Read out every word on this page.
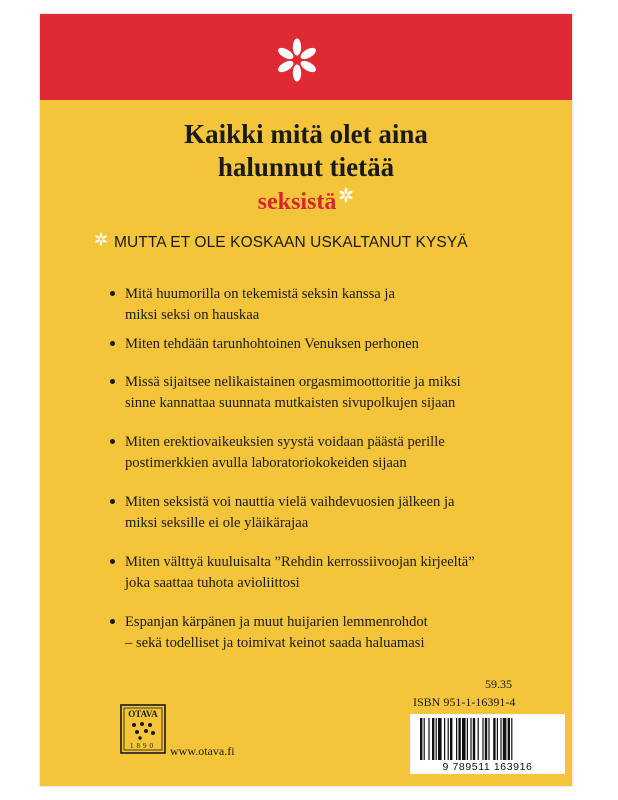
Kaikki mitä olet aina
halunnut tietää
seksistä
MUTTA ET OLE KOSKAAN USKALTANUT KYSYÄ
Mitä huumorilla on tekemistä seksin kanssa ja
miksi seksi on hauskaa
Miten tehdään tarunhohtoinen Venuksen perhonen
Missä sijaitsee nelikaistainen orgasmimoottoritie ja miksi
sinne kannattaa suunnata mutkaisten sivupolkujen sijaan
Miten erektiovaikeuksien syystä voidaan päästä perille
postimerkkien avulla laboratoriokokeiden sijaan
Miten seksistä voi nauttia vielä vaihdevuosien jälkeen ja
miksi seksille ei ole yläikärajaa
Miten välttyä kuuluisalta ”Rehdin kerrossiivoojan kirjeeltä”
joka saattaa tuhota avioliittosi
Espanjan kärpänen ja muut huijarien lemmenrohdot
– sekä todelliset ja toimivat keinot saada haluamasi
59.35
ISBN 951-1-16391-4
9 789511 163916
OTAVA
1890 www.otava.fi
